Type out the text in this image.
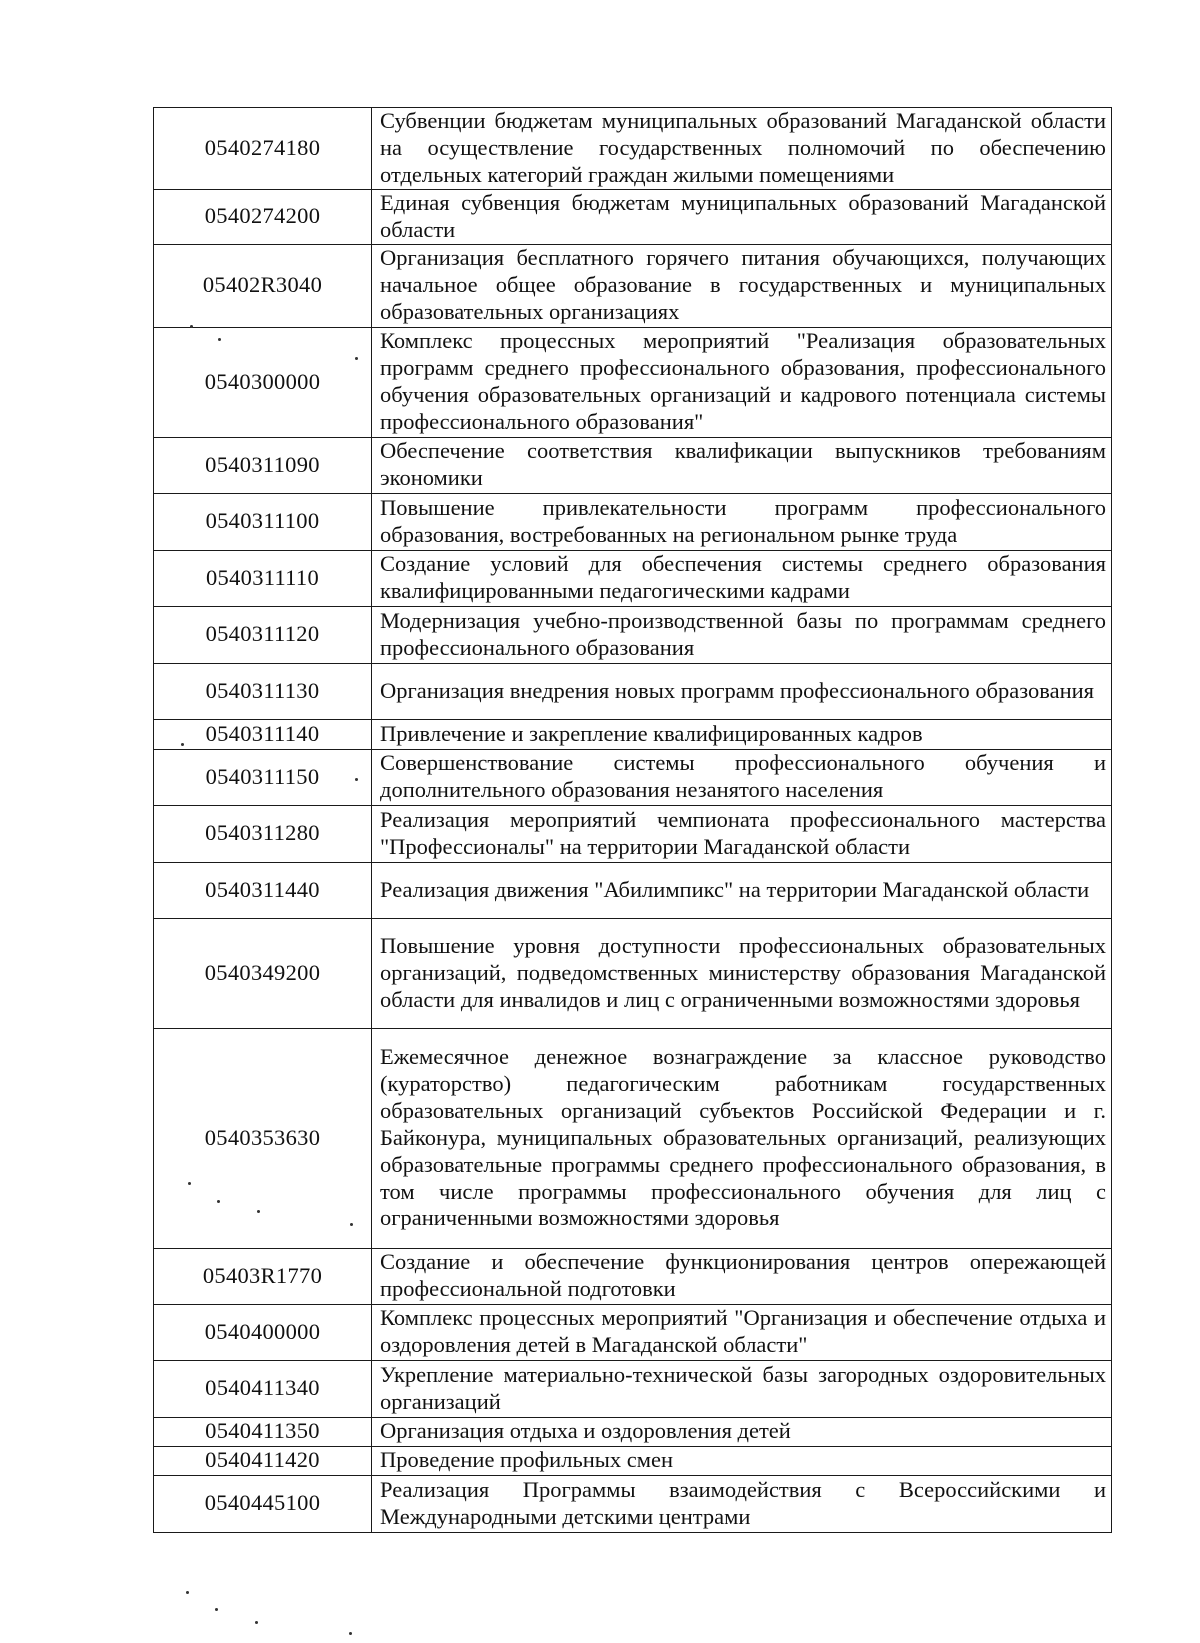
0540274180	Субвенции бюджетам муниципальных образований Магаданской области на осуществление государственных полномочий по обеспечению отдельных категорий граждан жилыми помещениями
0540274200	Единая субвенция бюджетам муниципальных образований Магаданской области
05402R3040	Организация бесплатного горячего питания обучающихся, получающих начальное общее образование в государственных и муниципальных образовательных организациях
0540300000	Комплекс процессных мероприятий "Реализация образовательных программ среднего профессионального образования, профессионального обучения образовательных организаций и кадрового потенциала системы профессионального образования"
0540311090	Обеспечение соответствия квалификации выпускников требованиям экономики
0540311100	Повышение привлекательности программ профессионального образования, востребованных на региональном рынке труда
0540311110	Создание условий для обеспечения системы среднего образования квалифицированными педагогическими кадрами
0540311120	Модернизация учебно-производственной базы по программам среднего профессионального образования
0540311130	Организация внедрения новых программ профессионального образования
0540311140	Привлечение и закрепление квалифицированных кадров
0540311150	Совершенствование системы профессионального обучения и дополнительного образования незанятого населения
0540311280	Реализация мероприятий чемпионата профессионального мастерства "Профессионалы" на территории Магаданской области
0540311440	Реализация движения "Абилимпикс" на территории Магаданской области
0540349200	Повышение уровня доступности профессиональных образовательных организаций, подведомственных министерству образования Магаданской области для инвалидов и лиц с ограниченными возможностями здоровья
0540353630	Ежемесячное денежное вознаграждение за классное руководство (кураторство) педагогическим работникам государственных образовательных организаций субъектов Российской Федерации и г. Байконура, муниципальных образовательных организаций, реализующих образовательные программы среднего профессионального образования, в том числе программы профессионального обучения для лиц с ограниченными возможностями здоровья
05403R1770	Создание и обеспечение функционирования центров опережающей профессиональной подготовки
0540400000	Комплекс процессных мероприятий "Организация и обеспечение отдыха и оздоровления детей в Магаданской области"
0540411340	Укрепление материально-технической базы загородных оздоровительных организаций
0540411350	Организация отдыха и оздоровления детей
0540411420	Проведение профильных смен
0540445100	Реализация Программы взаимодействия с Всероссийскими и Международными детскими центрами
